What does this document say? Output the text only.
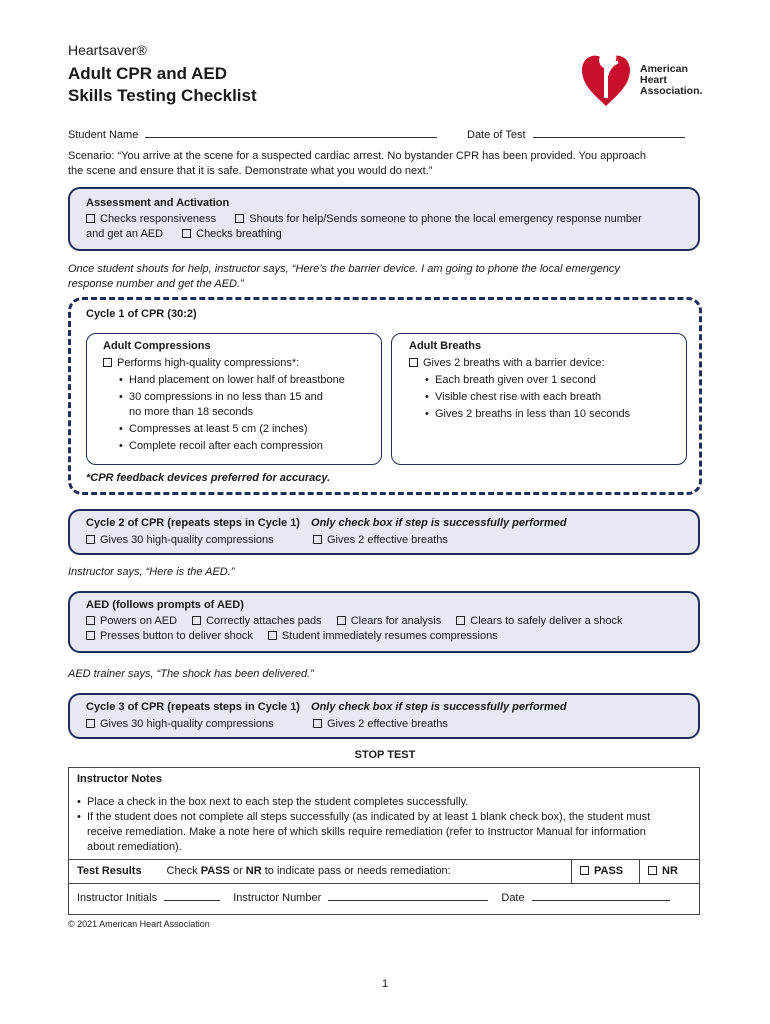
Heartsaver®
Adult CPR and AED
Skills Testing Checklist
American
Heart
Association.
Student Name	Date of Test
Scenario: “You arrive at the scene for a suspected cardiac arrest. No bystander CPR has been provided. You approach
the scene and ensure that it is safe. Demonstrate what you would do next.”
Assessment and Activation
Checks responsiveness	Shouts for help/Sends someone to phone the local emergency response number
and get an AED	Checks breathing
Once student shouts for help, instructor says, “Here’s the barrier device. I am going to phone the local emergency
response number and get the AED.”
Cycle 1 of CPR (30:2)
Adult Compressions
Performs high-quality compressions*:
• Hand placement on lower half of breastbone
• 30 compressions in no less than 15 and
no more than 18 seconds
• Compresses at least 5 cm (2 inches)
• Complete recoil after each compression
Adult Breaths
Gives 2 breaths with a barrier device:
• Each breath given over 1 second
• Visible chest rise with each breath
• Gives 2 breaths in less than 10 seconds
*CPR feedback devices preferred for accuracy.
Cycle 2 of CPR (repeats steps in Cycle 1) Only check box if step is successfully performed
Gives 30 high-quality compressions	Gives 2 effective breaths
Instructor says, “Here is the AED.”
AED (follows prompts of AED)
Powers on AED	Correctly attaches pads	Clears for analysis	Clears to safely deliver a shock
Presses button to deliver shock	Student immediately resumes compressions
AED trainer says, “The shock has been delivered.”
Cycle 3 of CPR (repeats steps in Cycle 1) Only check box if step is successfully performed
Gives 30 high-quality compressions	Gives 2 effective breaths
STOP TEST
Instructor Notes
• Place a check in the box next to each step the student completes successfully.
• If the student does not complete all steps successfully (as indicated by at least 1 blank check box), the student must
receive remediation. Make a note here of which skills require remediation (refer to Instructor Manual for information
about remediation).

Test Results	Check PASS or NR to indicate pass or needs remediation:	PASS	NR
Instructor Initials	Instructor Number	Date
© 2021 American Heart Association
1
